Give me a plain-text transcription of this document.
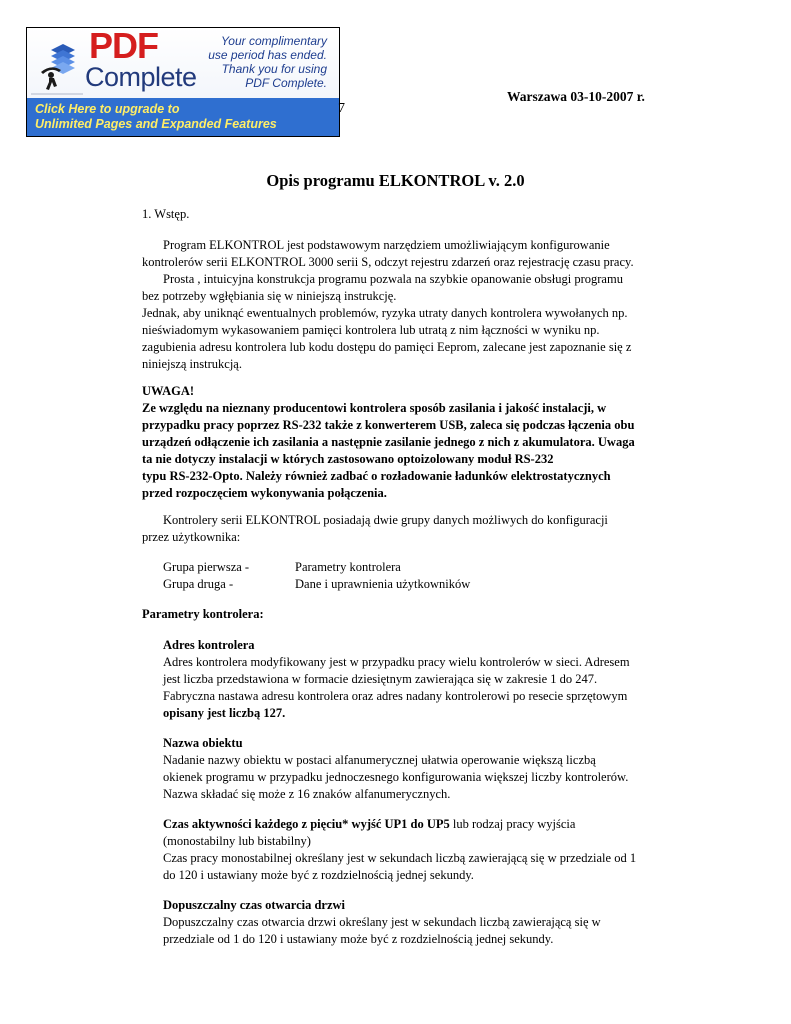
PDF
Complete
Your complimentary
use period has ended.
Thank you for using
PDF Complete.
Click Here to upgrade to
Unlimited Pages and Expanded Features
7
Warszawa 03-10-2007 r.
Opis programu ELKONTROL v. 2.0
1. Wstęp.
Program ELKONTROL jest podstawowym narzędziem umożliwiającym konfigurowanie
kontrolerów serii ELKONTROL 3000 serii S, odczyt rejestru zdarzeń oraz rejestrację czasu pracy.
Prosta , intuicyjna konstrukcja programu pozwala na szybkie opanowanie obsługi programu
bez potrzeby wgłębiania się w niniejszą instrukcję.
Jednak, aby uniknąć ewentualnych problemów, ryzyka utraty danych kontrolera wywołanych np.
nieświadomym wykasowaniem pamięci kontrolera lub utratą z nim łączności w wyniku np.
zagubienia adresu kontrolera lub kodu dostępu do pamięci Eeprom, zalecane jest zapoznanie się z
niniejszą instrukcją.
UWAGA!
Ze względu na nieznany producentowi kontrolera sposób zasilania i jakość instalacji, w
przypadku pracy poprzez RS-232 także z konwerterem USB, zaleca się podczas łączenia obu
urządzeń odłączenie ich zasilania a następnie zasilanie jednego z nich z akumulatora. Uwaga
ta nie dotyczy instalacji w których zastosowano optoizolowany moduł RS-232
typu RS-232-Opto. Należy również zadbać o rozładowanie ładunków elektrostatycznych
przed rozpoczęciem wykonywania połączenia.
Kontrolery serii ELKONTROL posiadają dwie grupy danych możliwych do konfiguracji
przez użytkownika:
Grupa pierwsza -	Parametry kontrolera
Grupa druga -	Dane i uprawnienia użytkowników
Parametry kontrolera:
Adres kontrolera
Adres kontrolera modyfikowany jest w przypadku pracy wielu kontrolerów w sieci. Adresem
jest liczba przedstawiona w formacie dziesiętnym zawierająca się w zakresie 1 do 247.
Fabryczna nastawa adresu kontrolera oraz adres nadany kontrolerowi po resecie sprzętowym
opisany jest liczbą 127.
Nazwa obiektu
Nadanie nazwy obiektu w postaci alfanumerycznej ułatwia operowanie większą liczbą
okienek programu w przypadku jednoczesnego konfigurowania większej liczby kontrolerów.
Nazwa składać się może z 16 znaków alfanumerycznych.
Czas aktywności każdego z pięciu* wyjść UP1 do UP5 lub rodzaj pracy wyjścia
(monostabilny lub bistabilny)
Czas pracy monostabilnej określany jest w sekundach liczbą zawierającą się w przedziale od 1
do 120 i ustawiany może być z rozdzielnością jednej sekundy.
Dopuszczalny czas otwarcia drzwi
Dopuszczalny czas otwarcia drzwi określany jest w sekundach liczbą zawierającą się w
przedziale od 1 do 120 i ustawiany może być z rozdzielnością jednej sekundy.
